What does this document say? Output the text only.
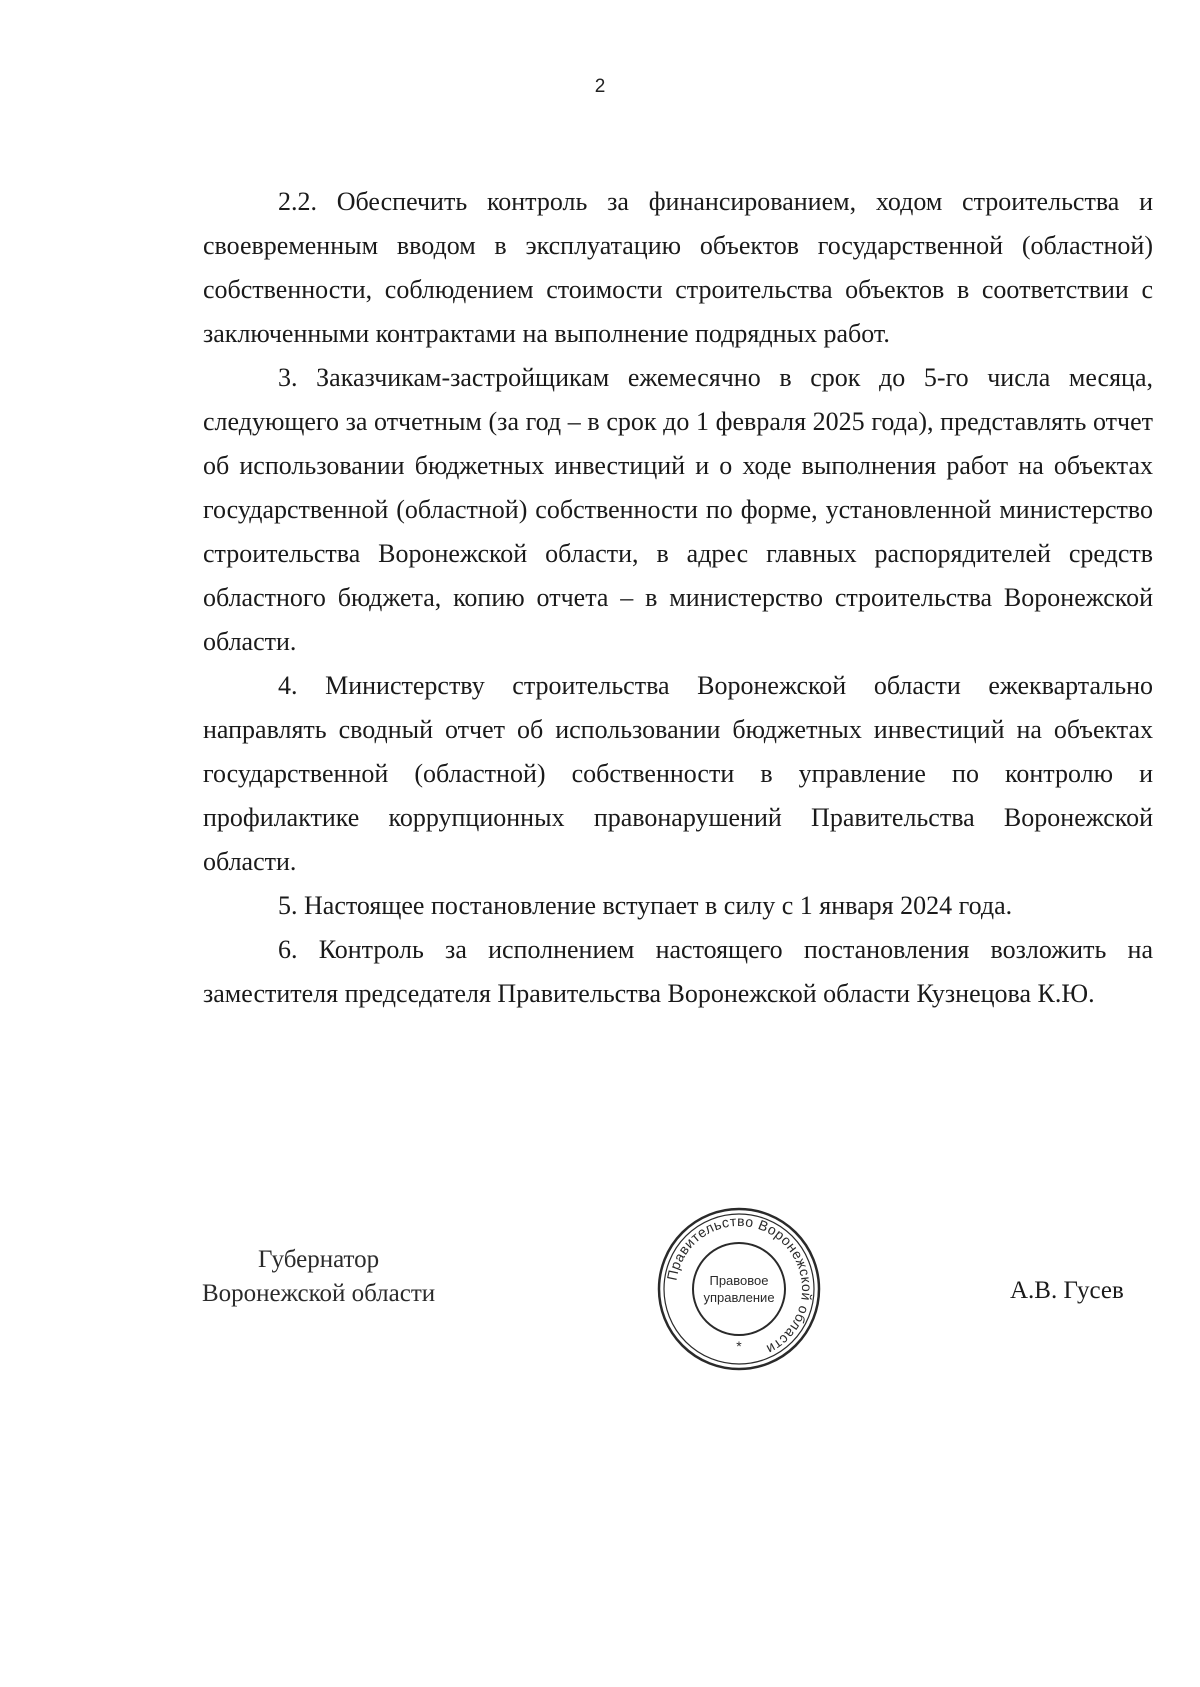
2

2.2. Обеспечить контроль за финансированием, ходом строительства и своевременным вводом в эксплуатацию объектов государственной (областной) собственности, соблюдением стоимости строительства объектов в соответствии с заключенными контрактами на выполнение подрядных работ.

3. Заказчикам-застройщикам ежемесячно в срок до 5-го числа месяца, следующего за отчетным (за год – в срок до 1 февраля 2025 года), представлять отчет об использовании бюджетных инвестиций и о ходе выполнения работ на объектах государственной (областной) собственности по форме, установленной министерство строительства Воронежской области, в адрес главных распорядителей средств областного бюджета, копию отчета – в министерство строительства Воронежской области.

4. Министерству строительства Воронежской области ежеквартально направлять сводный отчет об использовании бюджетных инвестиций на объектах государственной (областной) собственности в управление по контролю и профилактике коррупционных правонарушений Правительства Воронежской области.

5. Настоящее постановление вступает в силу с 1 января 2024 года.

6. Контроль за исполнением настоящего постановления возложить на заместителя председателя Правительства Воронежской области Кузнецова К.Ю.

Губернатор
Воронежской области
Правительство Воронежской области
Правовое
управление
*
А.В. Гусев
